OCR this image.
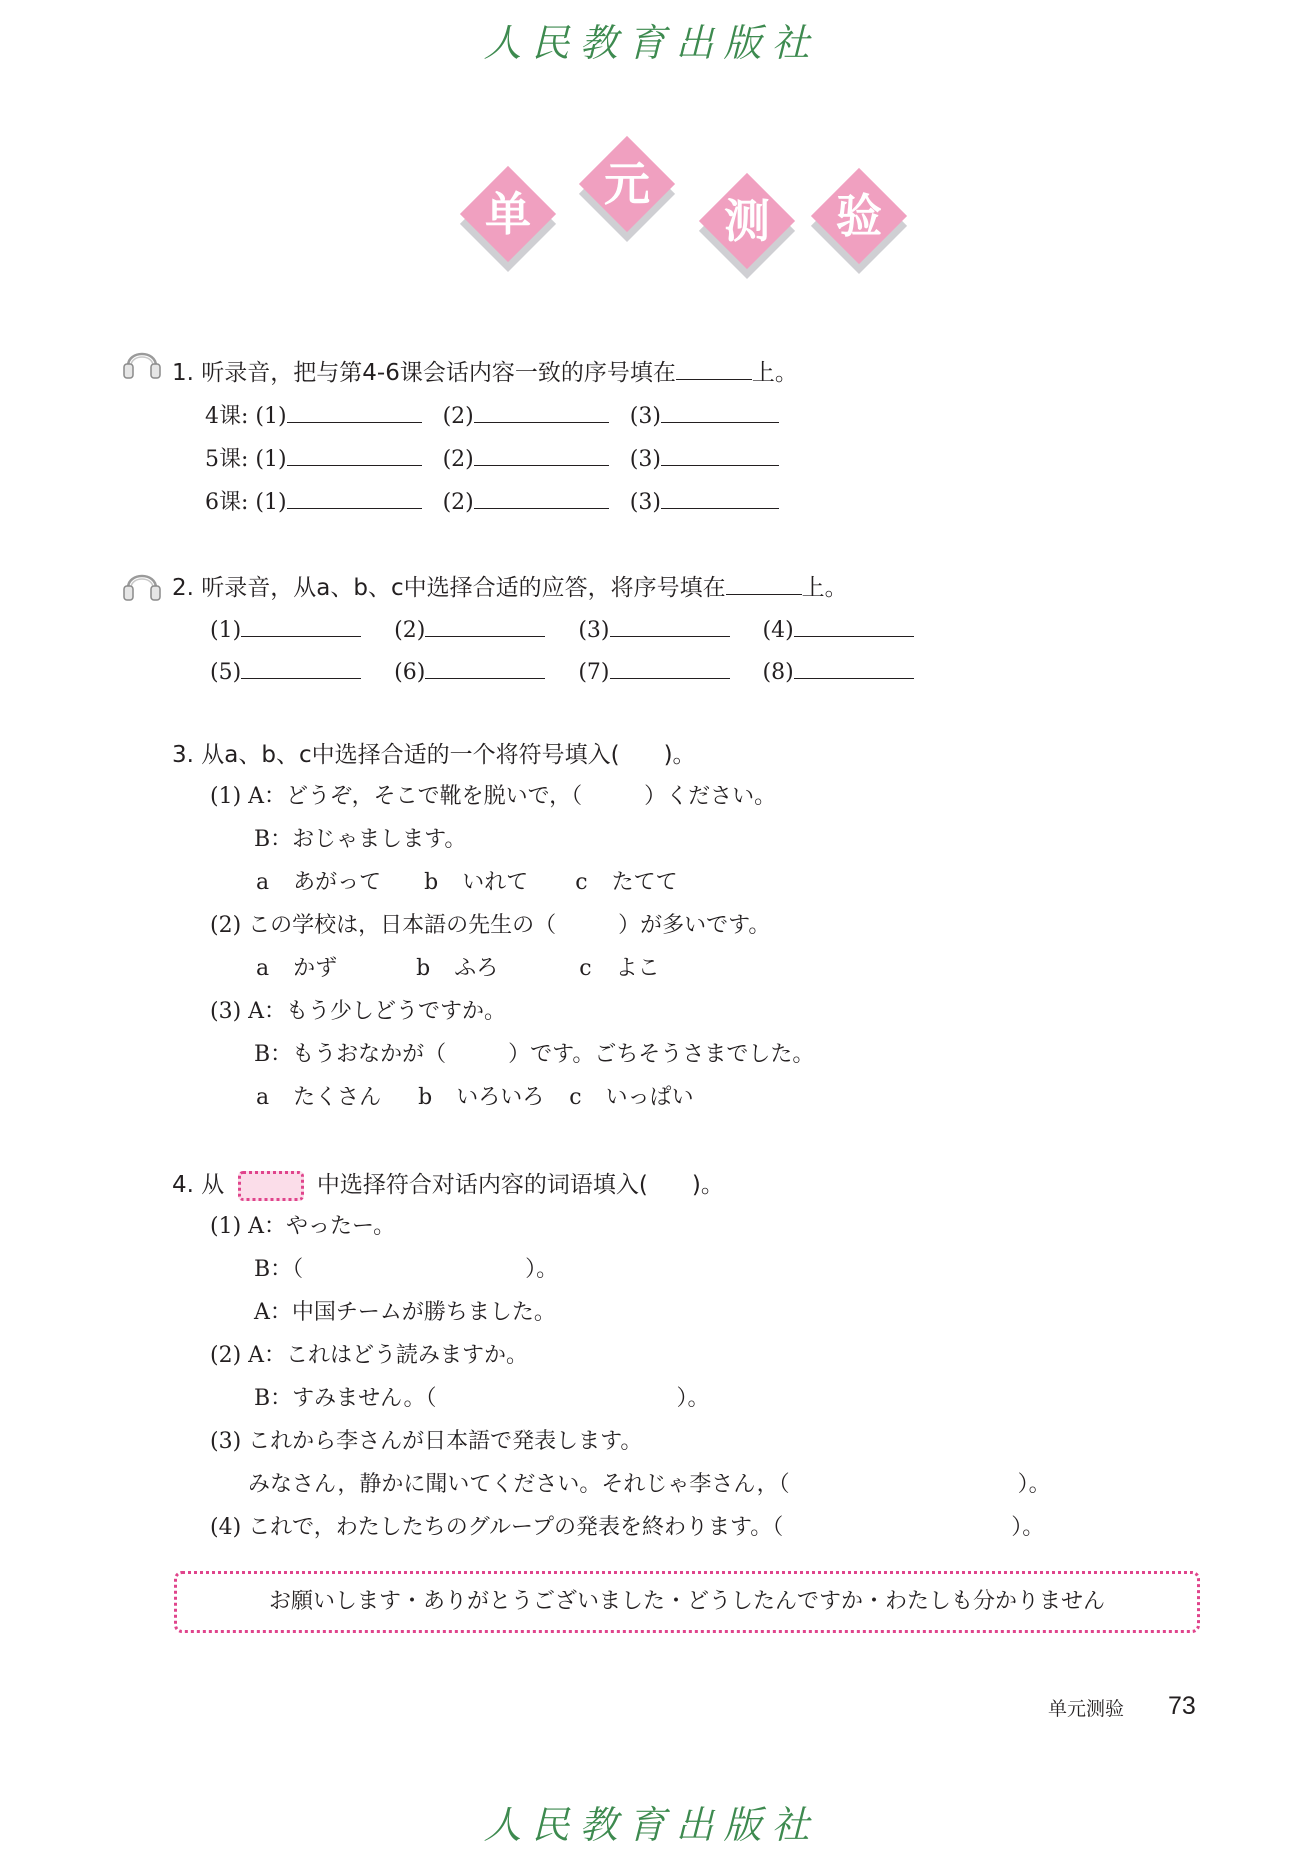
人民教育出版社
单
元
测	验
1. 听录音，把与第4-6课会话内容一致的序号填在	上。
4课: (1)	(2)	(3)
5课: (1)	(2)	(3)
6课: (1)	(2)	(3)
2. 听录音，从a、b、c中选择合适的应答，将序号填在	上。
(1)	(2)	(3)	(4)
(5)	(6)	(7)	(8)
3. 从a、b、c中选择合适的一个将符号填入( )。
(1) A：どうぞ，そこで靴を脱いで，（	）ください。
B：おじゃまします。
a あがって b いれて c たてて
(2) この学校は，日本語の先生の（	）が多いです。
a かず	b ふろ	c よこ
(3) A：もう少しどうですか。
B：もうおなかが（	）です。ごちそうさまでした。
a たくさん b いろいろ c いっぱい
4. 从	中选择符合对话内容的词语填入( )。
(1) A：やったー。
B：（	）。
A：中国チームが勝ちました。
(2) A：これはどう読みますか。
B：すみません。（	）。
(3) これから李さんが日本語で発表します。
みなさん，静かに聞いてください。それじゃ李さん，（	）。
(4) これで，わたしたちのグループの発表を終わります。（	）。
お願いします・ありがとうございました・どうしたんですか・わたしも分かりません
单元测验 73
人民教育出版社
